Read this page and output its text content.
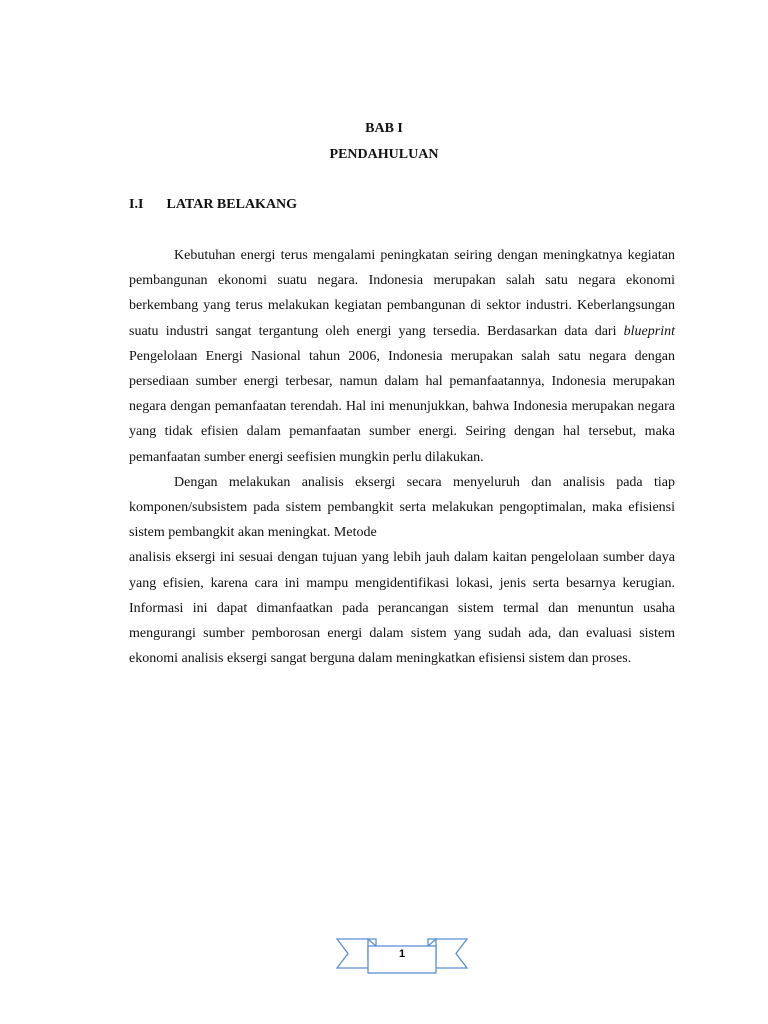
BAB I
PENDAHULUAN
I.I LATAR BELAKANG

Kebutuhan energi terus mengalami peningkatan seiring dengan meningkatnya kegiatan pembangunan ekonomi suatu negara. Indonesia merupakan salah satu negara ekonomi berkembang yang terus melakukan kegiatan pembangunan di sektor industri. Keberlangsungan suatu industri sangat tergantung oleh energi yang tersedia. Berdasarkan data dari blueprint Pengelolaan Energi Nasional tahun 2006, Indonesia merupakan salah satu negara dengan persediaan sumber energi terbesar, namun dalam hal pemanfaatannya, Indonesia merupakan negara dengan pemanfaatan terendah. Hal ini menunjukkan, bahwa Indonesia merupakan negara yang tidak efisien dalam pemanfaatan sumber energi. Seiring dengan hal tersebut, maka pemanfaatan sumber energi seefisien mungkin perlu dilakukan.

Dengan melakukan analisis eksergi secara menyeluruh dan analisis pada tiap komponen/subsistem pada sistem pembangkit serta melakukan pengoptimalan, maka efisiensi sistem pembangkit akan meningkat. Metode

analisis eksergi ini sesuai dengan tujuan yang lebih jauh dalam kaitan pengelolaan sumber daya yang efisien, karena cara ini mampu mengidentifikasi lokasi, jenis serta besarnya kerugian. Informasi ini dapat dimanfaatkan pada perancangan sistem termal dan menuntun usaha mengurangi sumber pemborosan energi dalam sistem yang sudah ada, dan evaluasi sistem ekonomi analisis eksergi sangat berguna dalam meningkatkan efisiensi sistem dan proses.

1
